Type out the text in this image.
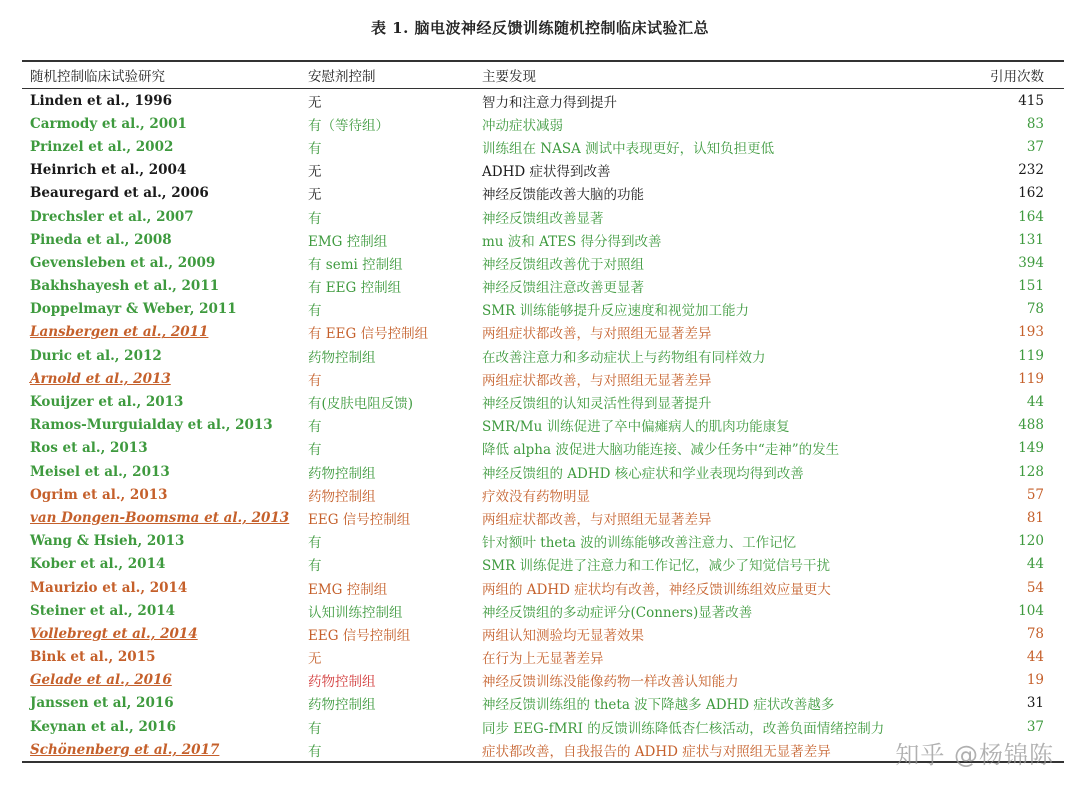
表 1. 脑电波神经反馈训练随机控制临床试验汇总
随机控制临床试验研究	安慰剂控制	主要发现	引用次数
Linden et al., 1996	无	智力和注意力得到提升	415
Carmody et al., 2001	有（等待组）	冲动症状减弱	83
Prinzel et al., 2002	有	训练组在 NASA 测试中表现更好，认知负担更低	37
Heinrich et al., 2004	无	ADHD 症状得到改善	232
Beauregard et al., 2006	无	神经反馈能改善大脑的功能	162
Drechsler et al., 2007	有	神经反馈组改善显著	164
Pineda et al., 2008	EMG 控制组	mu 波和 ATES 得分得到改善	131
Gevensleben et al., 2009	有 semi 控制组	神经反馈组改善优于对照组	394
Bakhshayesh et al., 2011	有 EEG 控制组	神经反馈组注意改善更显著	151
Doppelmayr & Weber, 2011	有	SMR 训练能够提升反应速度和视觉加工能力	78
Lansbergen et al., 2011	有 EEG 信号控制组	两组症状都改善，与对照组无显著差异	193
Duric et al., 2012	药物控制组	在改善注意力和多动症状上与药物组有同样效力	119
Arnold et al., 2013	有	两组症状都改善，与对照组无显著差异	119
Kouijzer et al., 2013	有(皮肤电阻反馈)	神经反馈组的认知灵活性得到显著提升	44
Ramos-Murguialday et al., 2013	有	SMR/Mu 训练促进了卒中偏瘫病人的肌肉功能康复	488
Ros et al., 2013	有	降低 alpha 波促进大脑功能连接、减少任务中“走神”的发生	149
Meisel et al., 2013	药物控制组	神经反馈组的 ADHD 核心症状和学业表现均得到改善	128
Ogrim et al., 2013	药物控制组	疗效没有药物明显	57
van Dongen-Boomsma et al., 2013	EEG 信号控制组	两组症状都改善，与对照组无显著差异	81
Wang & Hsieh, 2013	有	针对额叶 theta 波的训练能够改善注意力、工作记忆	120
Kober et al., 2014	有	SMR 训练促进了注意力和工作记忆，减少了知觉信号干扰	44
Maurizio et al., 2014	EMG 控制组	两组的 ADHD 症状均有改善，神经反馈训练组效应量更大	54
Steiner et al., 2014	认知训练控制组	神经反馈组的多动症评分(Conners)显著改善	104
Vollebregt et al., 2014	EEG 信号控制组	两组认知测验均无显著效果	78
Bink et al., 2015	无	在行为上无显著差异	44
Gelade et al., 2016	药物控制组	神经反馈训练没能像药物一样改善认知能力	19
Janssen et al, 2016	药物控制组	神经反馈训练组的 theta 波下降越多 ADHD 症状改善越多	31
Keynan et al., 2016	有	同步 EEG-fMRI 的反馈训练降低杏仁核活动，改善负面情绪控制力	37
Schönenberg et al., 2017	有	症状都改善，自我报告的 ADHD 症状与对照组无显著差异		知乎 @杨锦陈
